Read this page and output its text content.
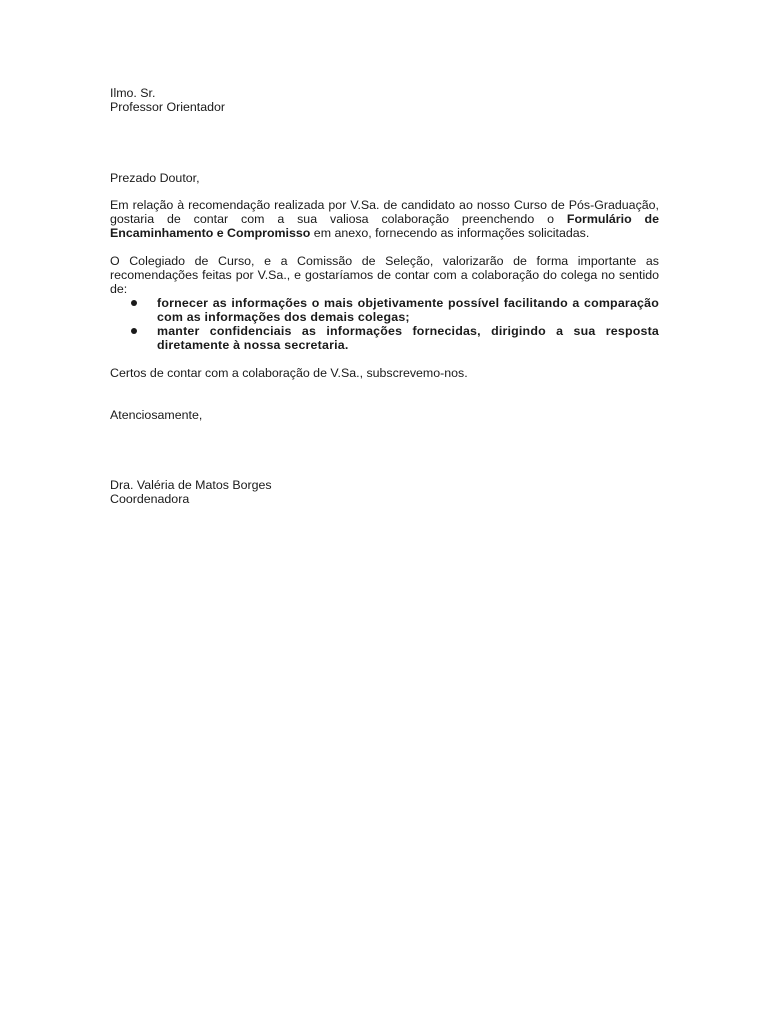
Ilmo. Sr.
Professor Orientador
Prezado Doutor,
Em relação à recomendação realizada por V.Sa. de candidato ao nosso Curso de Pós-Graduação, gostaria de contar com a sua valiosa colaboração preenchendo o Formulário de Encaminhamento e Compromisso em anexo, fornecendo as informações solicitadas.
O Colegiado de Curso, e a Comissão de Seleção, valorizarão de forma importante as recomendações feitas por V.Sa., e gostaríamos de contar com a colaboração do colega no sentido de:
fornecer as informações o mais objetivamente possível facilitando a comparação com as informações dos demais colegas;
manter confidenciais as informações fornecidas, dirigindo a sua resposta diretamente à nossa secretaria.
Certos de contar com a colaboração de V.Sa., subscrevemo-nos.
Atenciosamente,
Dra. Valéria de Matos Borges
Coordenadora
